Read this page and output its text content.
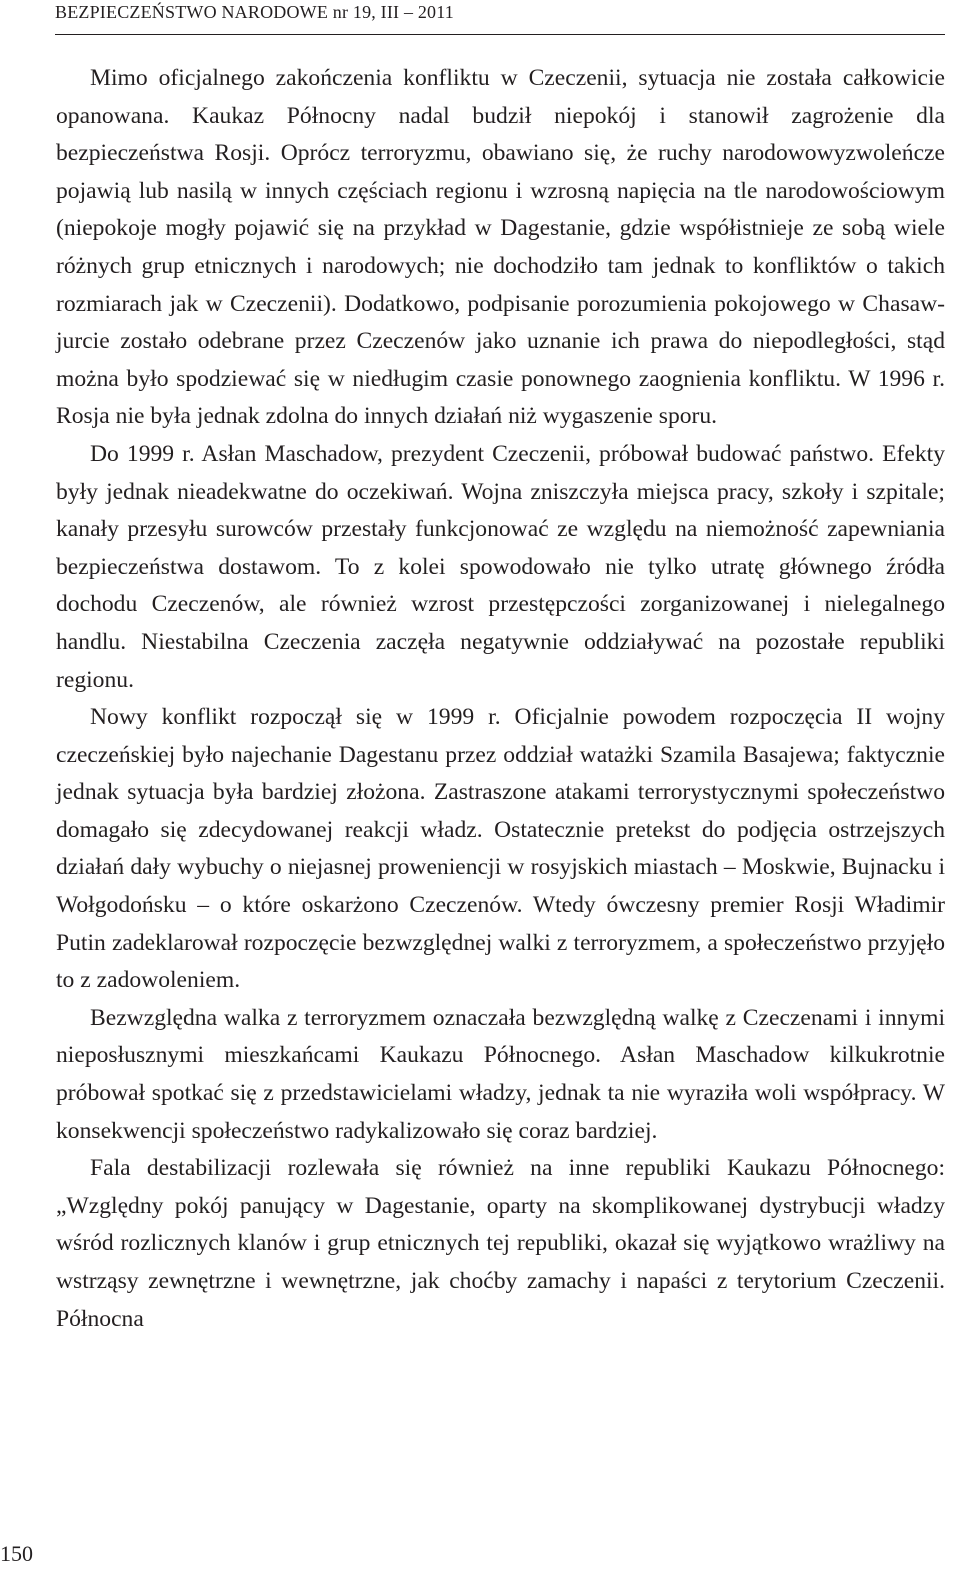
BEZPIECZEŃSTWO NARODOWE nr 19, III – 2011

Mimo oficjalnego zakończenia konfliktu w Czeczenii, sytuacja nie została całkowicie opanowana. Kaukaz Północny nadal budził niepokój i stanowił zagrożenie dla bezpieczeństwa Rosji. Oprócz terroryzmu, obawiano się, że ruchy narodowowyzwoleńcze pojawią lub nasilą w innych częściach regionu i wzrosną napięcia na tle narodowościowym (niepokoje mogły pojawić się na przykład w Dagestanie, gdzie współistnieje ze sobą wiele różnych grup etnicznych i narodowych; nie dochodziło tam jednak to konfliktów o takich rozmiarach jak w Czeczenii). Dodatkowo, podpisanie porozumienia pokojowego w Chasaw-jurcie zostało odebrane przez Czeczenów jako uznanie ich prawa do niepodległości, stąd można było spodziewać się w niedługim czasie ponownego zaognienia konfliktu. W 1996 r. Rosja nie była jednak zdolna do innych działań niż wygaszenie sporu.

Do 1999 r. Asłan Maschadow, prezydent Czeczenii, próbował budować państwo. Efekty były jednak nieadekwatne do oczekiwań. Wojna zniszczyła miejsca pracy, szkoły i szpitale; kanały przesyłu surowców przestały funkcjonować ze względu na niemożność zapewniania bezpieczeństwa dostawom. To z kolei spowodowało nie tylko utratę głównego źródła dochodu Czeczenów, ale również wzrost przestępczości zorganizowanej i nielegalnego handlu. Niestabilna Czeczenia zaczęła negatywnie oddziaływać na pozostałe republiki regionu.

Nowy konflikt rozpoczął się w 1999 r. Oficjalnie powodem rozpoczęcia II wojny czeczeńskiej było najechanie Dagestanu przez oddział watażki Szamila Basajewa; faktycznie jednak sytuacja była bardziej złożona. Zastraszone atakami terrorystycznymi społeczeństwo domagało się zdecydowanej reakcji władz. Ostatecznie pretekst do podjęcia ostrzejszych działań dały wybuchy o niejasnej proweniencji w rosyjskich miastach – Moskwie, Bujnacku i Wołgodońsku – o które oskarżono Czeczenów. Wtedy ówczesny premier Rosji Władimir Putin zadeklarował rozpoczęcie bezwzględnej walki z terroryzmem, a społeczeństwo przyjęło to z zadowoleniem.

Bezwzględna walka z terroryzmem oznaczała bezwzględną walkę z Czeczenami i innymi nieposłusznymi mieszkańcami Kaukazu Północnego. Asłan Maschadow kilkukrotnie próbował spotkać się z przedstawicielami władzy, jednak ta nie wyraziła woli współpracy. W konsekwencji społeczeństwo radykalizowało się coraz bardziej.

Fala destabilizacji rozlewała się również na inne republiki Kaukazu Północnego: „Względny pokój panujący w Dagestanie, oparty na skomplikowanej dystrybucji władzy wśród rozlicznych klanów i grup etnicznych tej republiki, okazał się wyjątkowo wrażliwy na wstrząsy zewnętrzne i wewnętrzne, jak choćby zamachy i napaści z terytorium Czeczenii. Północna

150
